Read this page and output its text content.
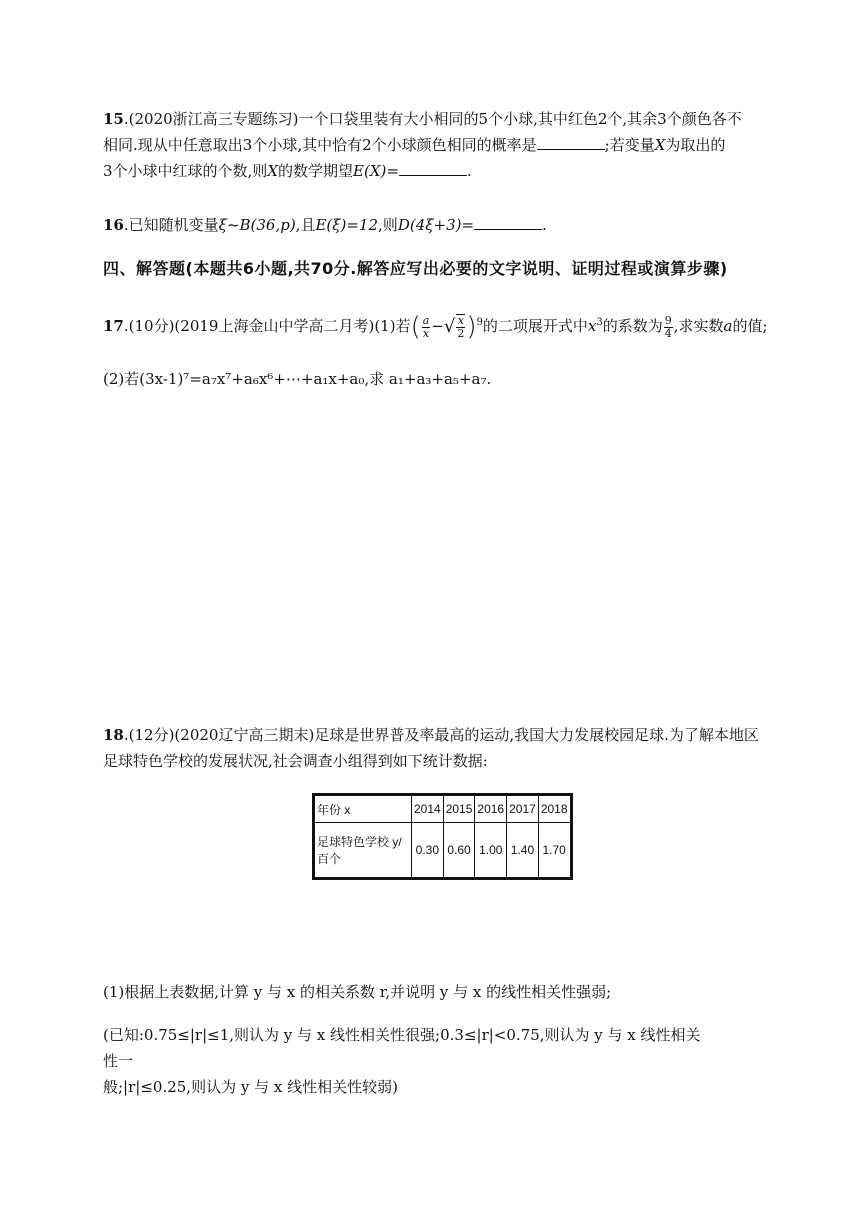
15.(2020浙江高三专题练习)一个口袋里装有大小相同的5个小球,其中红色2个,其余3个颜色各不
相同.现从中任意取出3个小球,其中恰有2个小球颜色相同的概率是	;若变量X为取出的
3个小球中红球的个数,则X的数学期望E(X)=	.
16.已知随机变量ξ~B(36,p),且E(ξ)=12,则D(4ξ+3)=	.
四、解答题(本题共6小题,共70分.解答应写出必要的文字说明、证明过程或演算步骤)
17.(10分)(2019上海金山中学高二月考)(1)若( $\frac{a}{x}$ −√ $\frac{x}{2} )^9$的二项展开式中$x^3$的系数为 $\frac{9}{4}$ ,求实数a的值;
(2)若(3x-1)⁷=a₇x⁷+a₆x⁶+⋯+a₁x+a₀,求 a₁+a₃+a₅+a₇.
18.(12分)(2020辽宁高三期末)足球是世界普及率最高的运动,我国大力发展校园足球.为了解本地区
足球特色学校的发展状况,社会调查小组得到如下统计数据:
年份 x	2014	2015	2016	2017	2018
足球特色学校 y/百个	0.30	0.60	1.00	1.40	1.70
(1)根据上表数据,计算 y 与 x 的相关系数 r,并说明 y 与 x 的线性相关性强弱;
(已知:0.75≤|r|≤1,则认为 y 与 x 线性相关性很强;0.3≤|r|<0.75,则认为 y 与 x 线性相关性一
般;|r|≤0.25,则认为 y 与 x 线性相关性较弱)
